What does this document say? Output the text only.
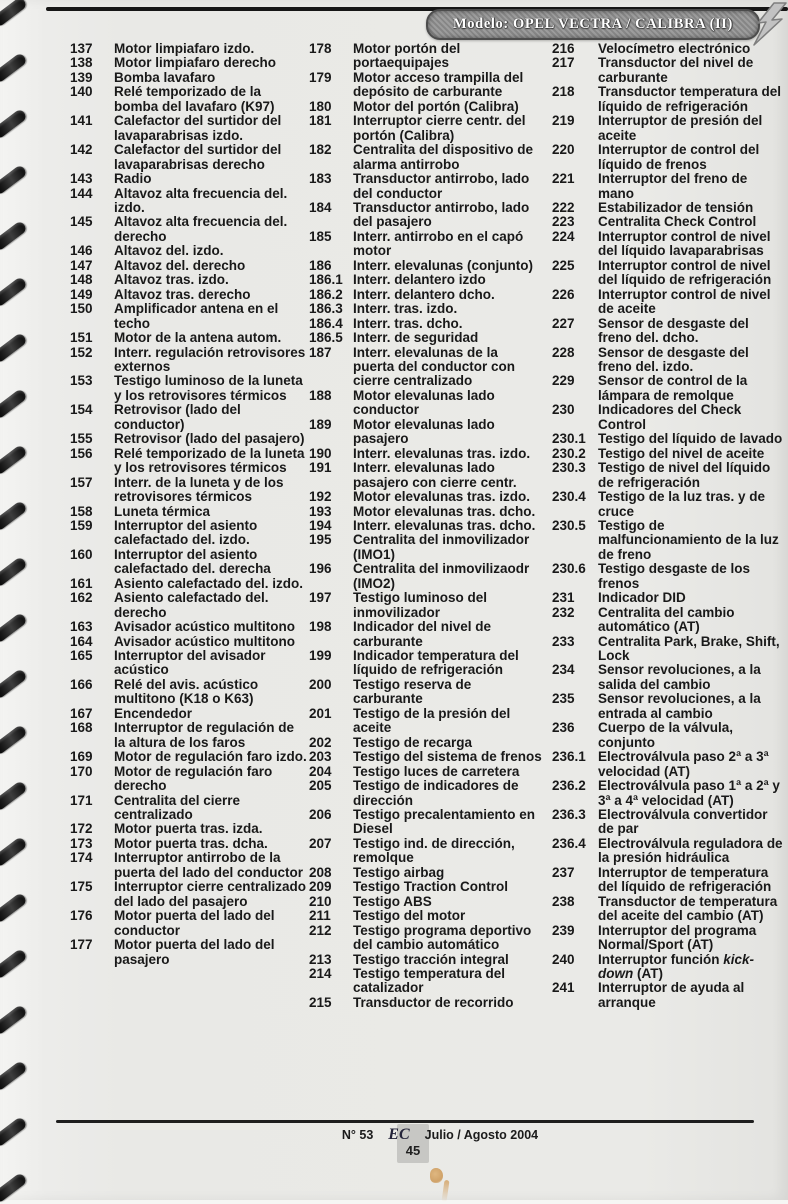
Modelo: OPEL VECTRA / CALIBRA (II)
137	Motor limpiafaro izdo.
138	Motor limpiafaro derecho
139	Bomba lavafaro
140	Relé temporizado de la bomba del lavafaro (K97)
141	Calefactor del surtidor del lavaparabrisas izdo.
142	Calefactor del surtidor del lavaparabrisas derecho
143	Radio
144	Altavoz alta frecuencia del. izdo.
145	Altavoz alta frecuencia del. derecho
146	Altavoz del. izdo.
147	Altavoz del. derecho
148	Altavoz tras. izdo.
149	Altavoz tras. derecho
150	Amplificador antena en el techo
151	Motor de la antena autom.
152	Interr. regulación retrovisores externos
153	Testigo luminoso de la luneta y los retrovisores térmicos
154	Retrovisor (lado del conductor)
155	Retrovisor (lado del pasajero)
156	Relé temporizado de la luneta y los retrovisores térmicos
157	Interr. de la luneta y de los retrovisores térmicos
158	Luneta térmica
159	Interruptor del asiento calefactado del. izdo.
160	Interruptor del asiento calefactado del. derecha
161	Asiento calefactado del. izdo.
162	Asiento calefactado del. derecho
163	Avisador acústico multitono
164	Avisador acústico multitono
165	Interruptor del avisador acústico
166	Relé del avis. acústico multitono (K18 o K63)
167	Encendedor
168	Interruptor de regulación de la altura de los faros
169	Motor de regulación faro izdo.
170	Motor de regulación faro derecho
171	Centralita del cierre centralizado
172	Motor puerta tras. izda.
173	Motor puerta tras. dcha.
174	Interruptor antirrobo de la puerta del lado del conductor
175	Interruptor cierre centralizado del lado del pasajero
176	Motor puerta del lado del conductor
177	Motor puerta del lado del pasajero
178	Motor portón del portaequipajes
179	Motor acceso trampilla del depósito de carburante
180	Motor del portón (Calibra)
181	Interruptor cierre centr. del portón (Calibra)
182	Centralita del dispositivo de alarma antirrobo
183	Transductor antirrobo, lado del conductor
184	Transductor antirrobo, lado del pasajero
185	Interr. antirrobo en el capó motor
186	Interr. elevalunas (conjunto)
186.1 Interr. delantero izdo
186.2 Interr. delantero dcho.
186.3 Interr. tras. izdo.
186.4 Interr. tras. dcho.
186.5 Interr. de seguridad
187	Interr. elevalunas de la puerta del conductor con cierre centralizado
188	Motor elevalunas lado conductor
189	Motor elevalunas lado pasajero
190	Interr. elevalunas tras. izdo.
191	Interr. elevalunas lado pasajero con cierre centr.
192	Motor elevalunas tras. izdo.
193	Motor elevalunas tras. dcho.
194	Interr. elevalunas tras. dcho.
195	Centralita del inmovilizador (IMO1)
196	Centralita del inmovilizaodr (IMO2)
197	Testigo luminoso del inmovilizador
198	Indicador del nivel de carburante
199	Indicador temperatura del líquido de refrigeración
200	Testigo reserva de carburante
201	Testigo de la presión del aceite
202	Testigo de recarga
203	Testigo del sistema de frenos
204	Testigo luces de carretera
205	Testigo de indicadores de dirección
206	Testigo precalentamiento en Diesel
207	Testigo ind. de dirección, remolque
208	Testigo airbag
209	Testigo Traction Control
210	Testigo ABS
211	Testigo del motor
212	Testigo programa deportivo del cambio automático
213	Testigo tracción integral
214	Testigo temperatura del catalizador
215	Transductor de recorrido
216	Velocímetro electrónico
217	Transductor del nivel de carburante
218	Transductor temperatura del líquido de refrigeración
219	Interruptor de presión del aceite
220	Interruptor de control del líquido de frenos
221	Interruptor del freno de mano
222	Estabilizador de tensión
223	Centralita Check Control
224	Interruptor control de nivel del líquido lavaparabrisas
225	Interruptor control de nivel del líquido de refrigeración
226	Interruptor control de nivel de aceite
227	Sensor de desgaste del freno del. dcho.
228	Sensor de desgaste del freno del. izdo.
229	Sensor de control de la lámpara de remolque
230	Indicadores del Check Control
230.1 Testigo del líquido de lavado
230.2 Testigo del nivel de aceite
230.3 Testigo de nivel del líquido de refrigeración
230.4 Testigo de la luz tras. y de cruce
230.5 Testigo de malfuncionamiento de la luz de freno
230.6 Testigo desgaste de los frenos
231	Indicador DID
232	Centralita del cambio automático (AT)
233	Centralita Park, Brake, Shift, Lock
234	Sensor revoluciones, a la salida del cambio
235	Sensor revoluciones, a la entrada al cambio
236	Cuerpo de la válvula, conjunto
236.1 Electroválvula paso 2ª a 3ª velocidad (AT)
236.2 Electroválvula paso 1ª a 2ª y 3ª a 4ª velocidad (AT)
236.3 Electroválvula convertidor de par
236.4 Electroválvula reguladora de la presión hidráulica
237	Interruptor de temperatura del líquido de refrigeración
238	Transductor de temperatura del aceite del cambio (AT)
239	Interruptor del programa Normal/Sport (AT)
240	Interruptor función kick-down (AT)
241	Interruptor de ayuda al arranque
N° 53 EC Julio / Agosto 2004
45
